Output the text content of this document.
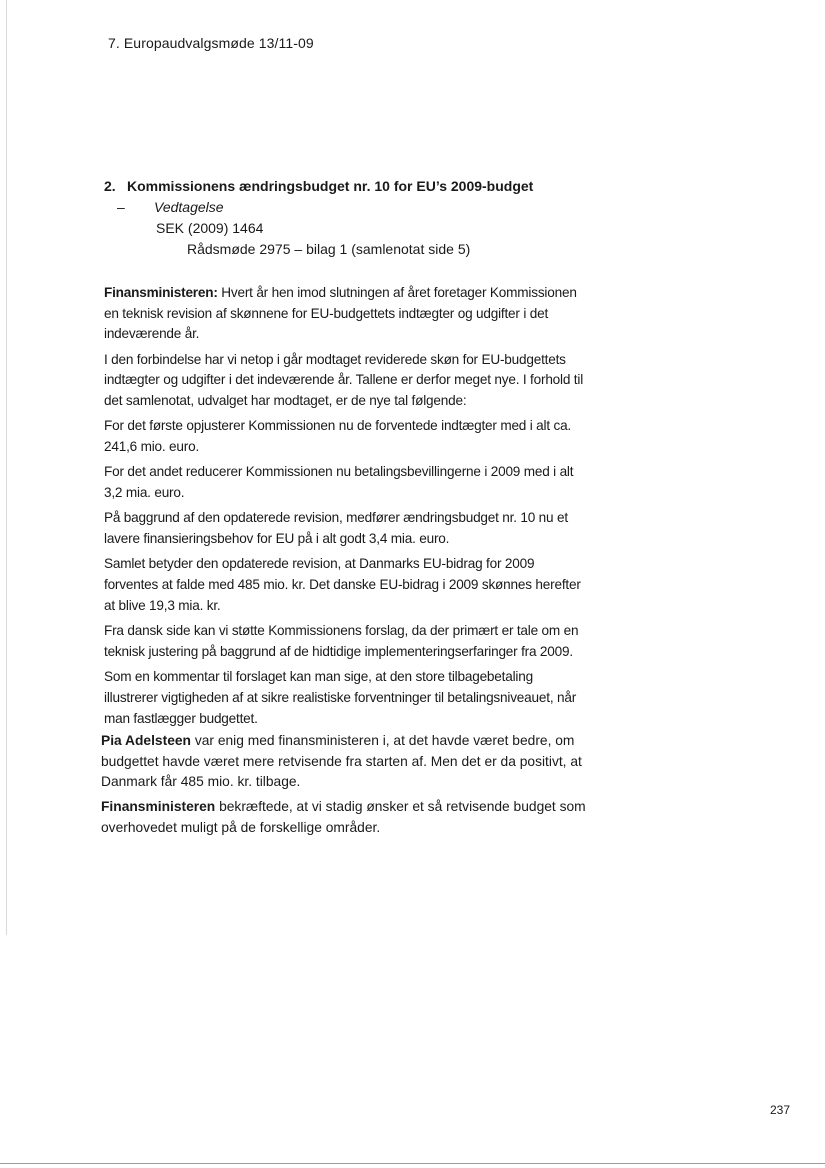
7. Europaudvalgsmøde 13/11-09
2. Kommissionens ændringsbudget nr. 10 for EU’s 2009-budget
– Vedtagelse
SEK (2009) 1464
Rådsmøde 2975 – bilag 1 (samlenotat side 5)

Finansministeren: Hvert år hen imod slutningen af året foretager Kommissionen en teknisk revision af skønnene for EU-budgettets indtægter og udgifter i det indeværende år.

I den forbindelse har vi netop i går modtaget reviderede skøn for EU-budgettets indtægter og udgifter i det indeværende år. Tallene er derfor meget nye. I forhold til det samlenotat, udvalget har modtaget, er de nye tal følgende:

For det første opjusterer Kommissionen nu de forventede indtægter med i alt ca. 241,6 mio. euro.

For det andet reducerer Kommissionen nu betalingsbevillingerne i 2009 med i alt 3,2 mia. euro.

På baggrund af den opdaterede revision, medfører ændringsbudget nr. 10 nu et lavere finansieringsbehov for EU på i alt godt 3,4 mia. euro.

Samlet betyder den opdaterede revision, at Danmarks EU-bidrag for 2009 forventes at falde med 485 mio. kr. Det danske EU-bidrag i 2009 skønnes herefter at blive 19,3 mia. kr.

Fra dansk side kan vi støtte Kommissionens forslag, da der primært er tale om en teknisk justering på baggrund af de hidtidige implementeringserfaringer fra 2009.

Som en kommentar til forslaget kan man sige, at den store tilbagebetaling illustrerer vigtigheden af at sikre realistiske forventninger til betalingsniveauet, når man fastlægger budgettet.

Pia Adelsteen var enig med finansministeren i, at det havde været bedre, om budgettet havde været mere retvisende fra starten af. Men det er da positivt, at Danmark får 485 mio. kr. tilbage.

Finansministeren bekræftede, at vi stadig ønsker et så retvisende budget som overhovedet muligt på de forskellige områder.

237
